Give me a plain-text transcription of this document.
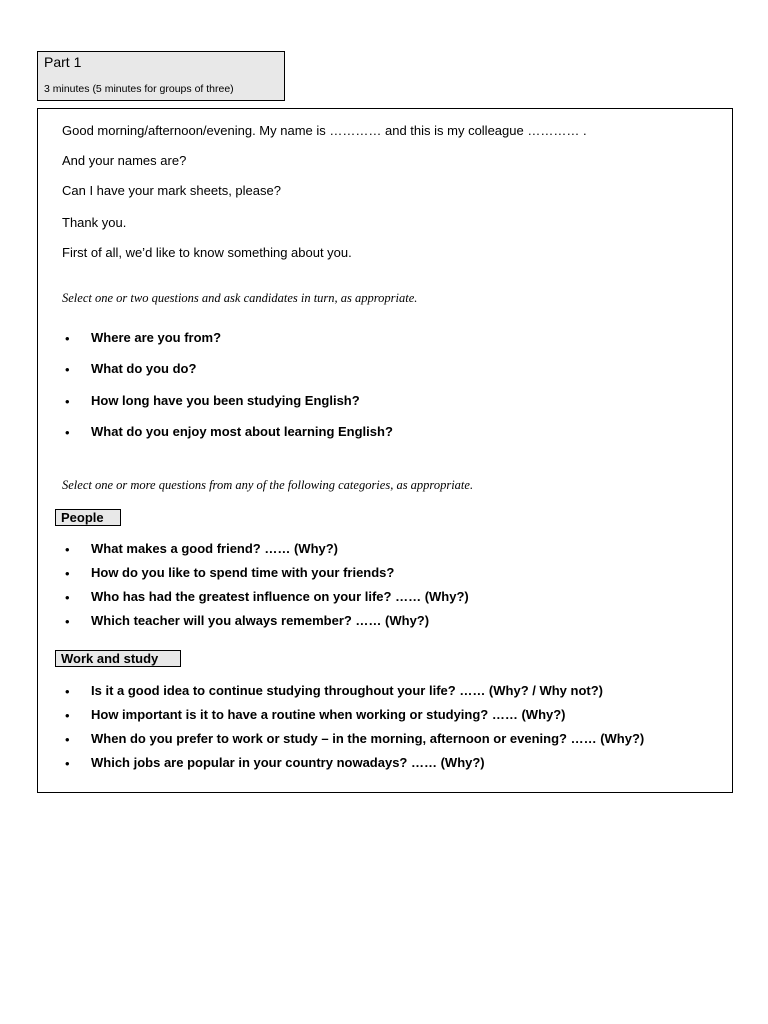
Part 1
3 minutes (5 minutes for groups of three)
Good morning/afternoon/evening. My name is ………… and this is my colleague ………… .
And your names are?
Can I have your mark sheets, please?
Thank you.
First of all, we’d like to know something about you.
Select one or two questions and ask candidates in turn, as appropriate.
• Where are you from?
• What do you do?
• How long have you been studying English?
• What do you enjoy most about learning English?
Select one or more questions from any of the following categories, as appropriate.
People
• What makes a good friend? …… (Why?)
• How do you like to spend time with your friends?
• Who has had the greatest influence on your life? …… (Why?)
• Which teacher will you always remember? …… (Why?)
Work and study
• Is it a good idea to continue studying throughout your life? …… (Why? / Why not?)
• How important is it to have a routine when working or studying? …… (Why?)
• When do you prefer to work or study – in the morning, afternoon or evening? …… (Why?)
• Which jobs are popular in your country nowadays? …… (Why?)
